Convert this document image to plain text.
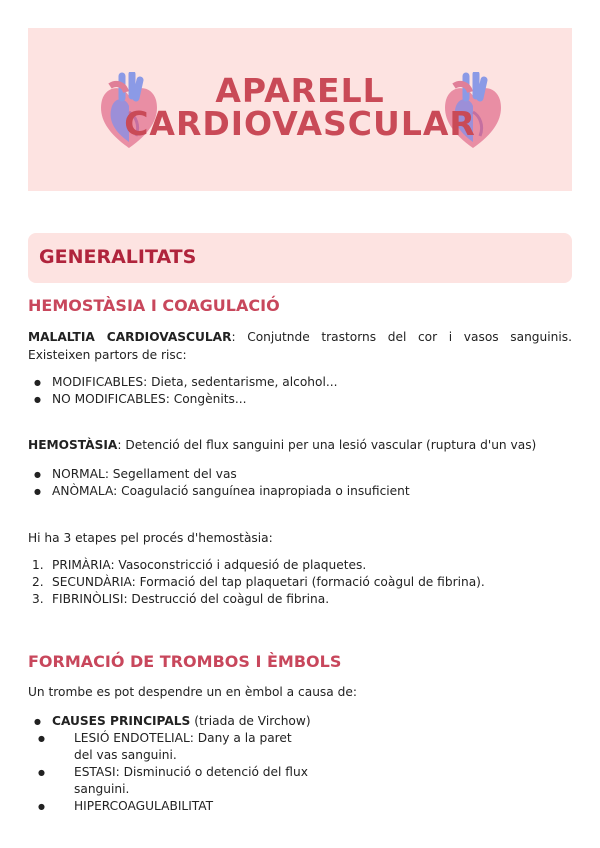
APARELL
CARDIOVASCULAR
GENERALITATS
HEMOSTÀSIA I COAGULACIÓ

MALALTIA CARDIOVASCULAR: Conjutnde trastorns del cor i vasos sanguinis. Existeixen partors de risc:

● MODIFICABLES: Dieta, sedentarisme, alcohol...
● NO MODIFICABLES: Congènits...

HEMOSTÀSIA: Detenció del flux sanguini per una lesió vascular (ruptura d'un vas)

● NORMAL: Segellament del vas
● ANÒMALA: Coagulació sanguínea inapropiada o insuficient

Hi ha 3 etapes pel procés d'hemostàsia:

1. PRIMÀRIA: Vasoconstricció i adquesió de plaquetes.
2. SECUNDÀRIA: Formació del tap plaquetari (formació coàgul de fibrina).
3. FIBRINÒLISI: Destrucció del coàgul de fibrina.
FORMACIÓ DE TROMBOS I ÈMBOLS

Un trombe es pot despendre un en èmbol a causa de:

● CAUSES PRINCIPALS (triada de Virchow)
● LESIÓ ENDOTELIAL: Dany a la paret del vas sanguini.
● ESTASI: Disminució o detenció del flux sanguini.
● HIPERCOAGULABILITAT
